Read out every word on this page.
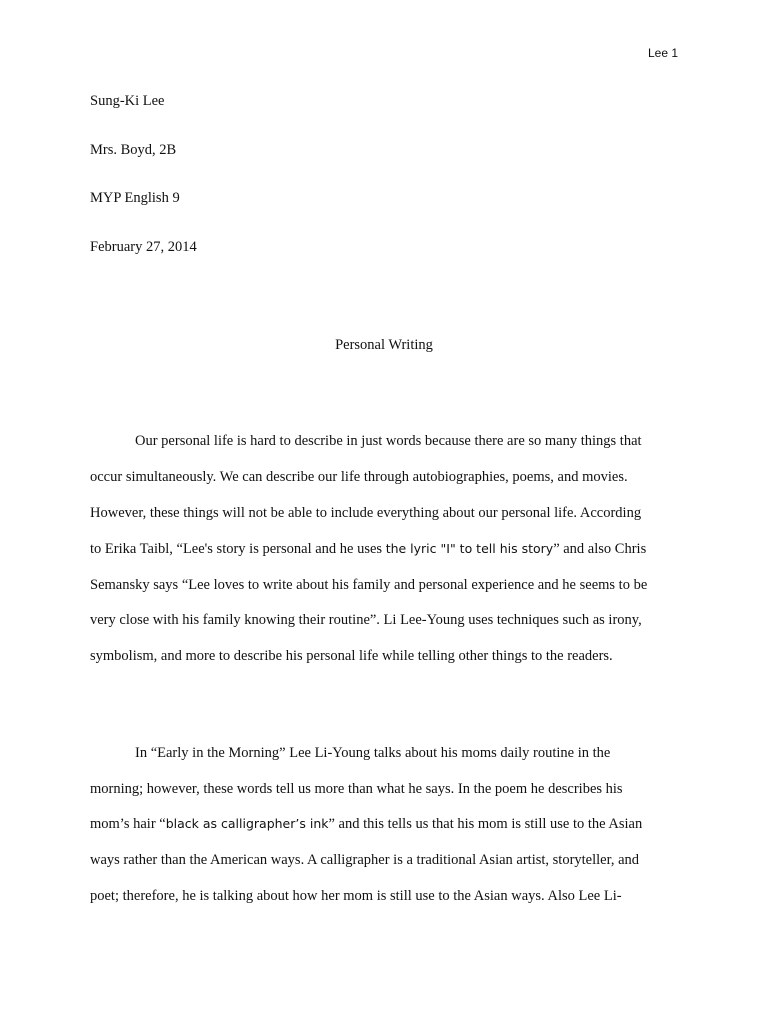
Lee 1
Sung-Ki Lee
Mrs. Boyd, 2B
MYP English 9
February 27, 2014
Personal Writing
Our personal life is hard to describe in just words because there are so many things that
occur simultaneously. We can describe our life through autobiographies, poems, and movies.
However, these things will not be able to include everything about our personal life. According
to Erika Taibl, “Lee's story is personal and he uses the lyric "I" to tell his story” and also Chris
Semansky says “Lee loves to write about his family and personal experience and he seems to be
very close with his family knowing their routine”. Li Lee-Young uses techniques such as irony,
symbolism, and more to describe his personal life while telling other things to the readers.
In “Early in the Morning” Lee Li-Young talks about his moms daily routine in the
morning; however, these words tell us more than what he says. In the poem he describes his
mom’s hair “black as calligrapher’s ink” and this tells us that his mom is still use to the Asian
ways rather than the American ways. A calligrapher is a traditional Asian artist, storyteller, and
poet; therefore, he is talking about how her mom is still use to the Asian ways. Also Lee Li-
